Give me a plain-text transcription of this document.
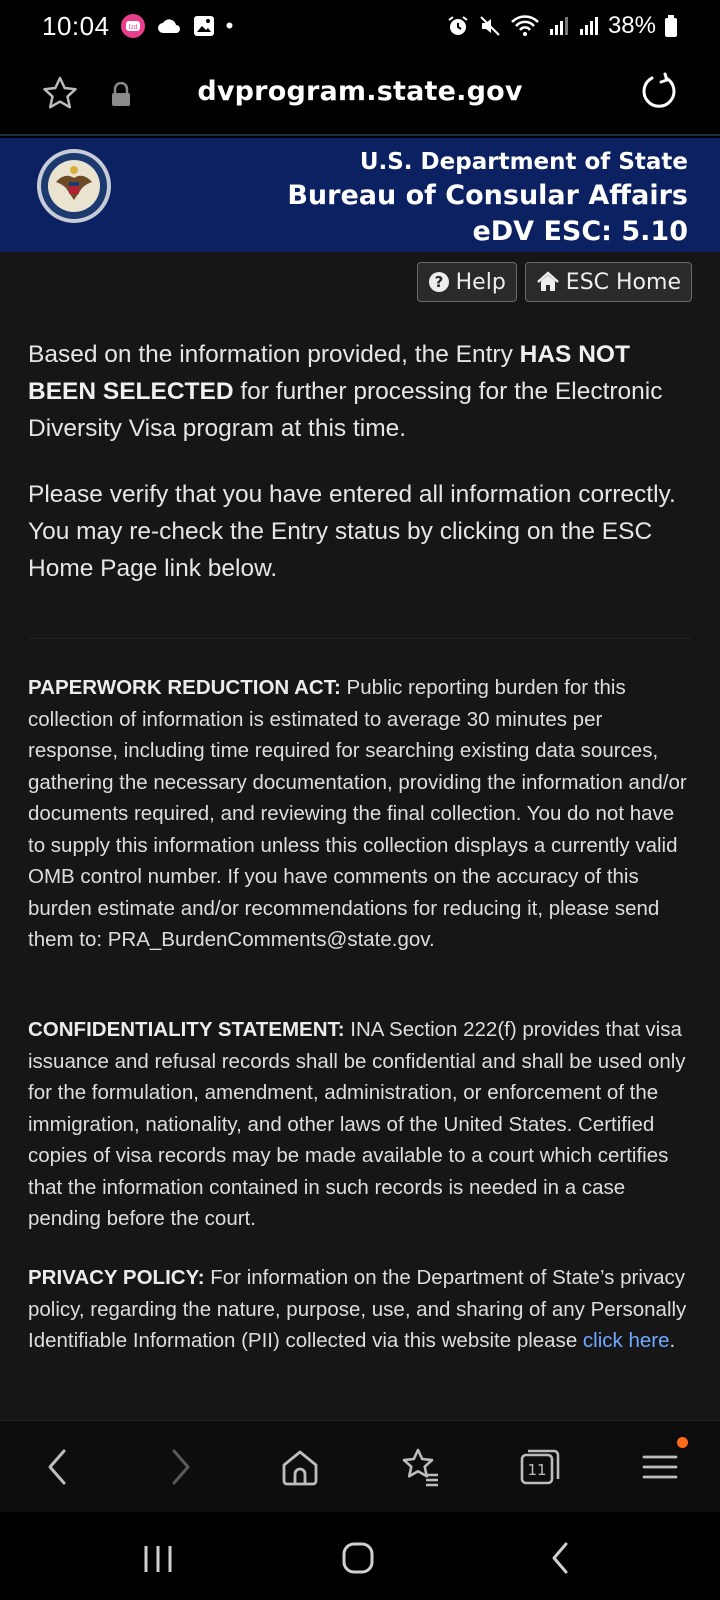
10:04	lzd	•	38%
dvprogram.state.gov
U.S. Department of State
Bureau of Consular Affairs
eDV ESC: 5.10
? Help	ESC Home

Based on the information provided, the Entry HAS NOT BEEN SELECTED for further processing for the Electronic Diversity Visa program at this time.

Please verify that you have entered all information correctly. You may re-check the Entry status by clicking on the ESC Home Page link below.

PAPERWORK REDUCTION ACT: Public reporting burden for this collection of information is estimated to average 30 minutes per response, including time required for searching existing data sources, gathering the necessary documentation, providing the information and/or documents required, and reviewing the final collection. You do not have to supply this information unless this collection displays a currently valid OMB control number. If you have comments on the accuracy of this burden estimate and/or recommendations for reducing it, please send them to: PRA_BurdenComments@state.gov.

CONFIDENTIALITY STATEMENT: INA Section 222(f) provides that visa issuance and refusal records shall be confidential and shall be used only for the formulation, amendment, administration, or enforcement of the immigration, nationality, and other laws of the United States. Certified copies of visa records may be made available to a court which certifies that the information contained in such records is needed in a case pending before the court.

PRIVACY POLICY: For information on the Department of State’s privacy policy, regarding the nature, purpose, use, and sharing of any Personally Identifiable Information (PII) collected via this website please click here.

11
